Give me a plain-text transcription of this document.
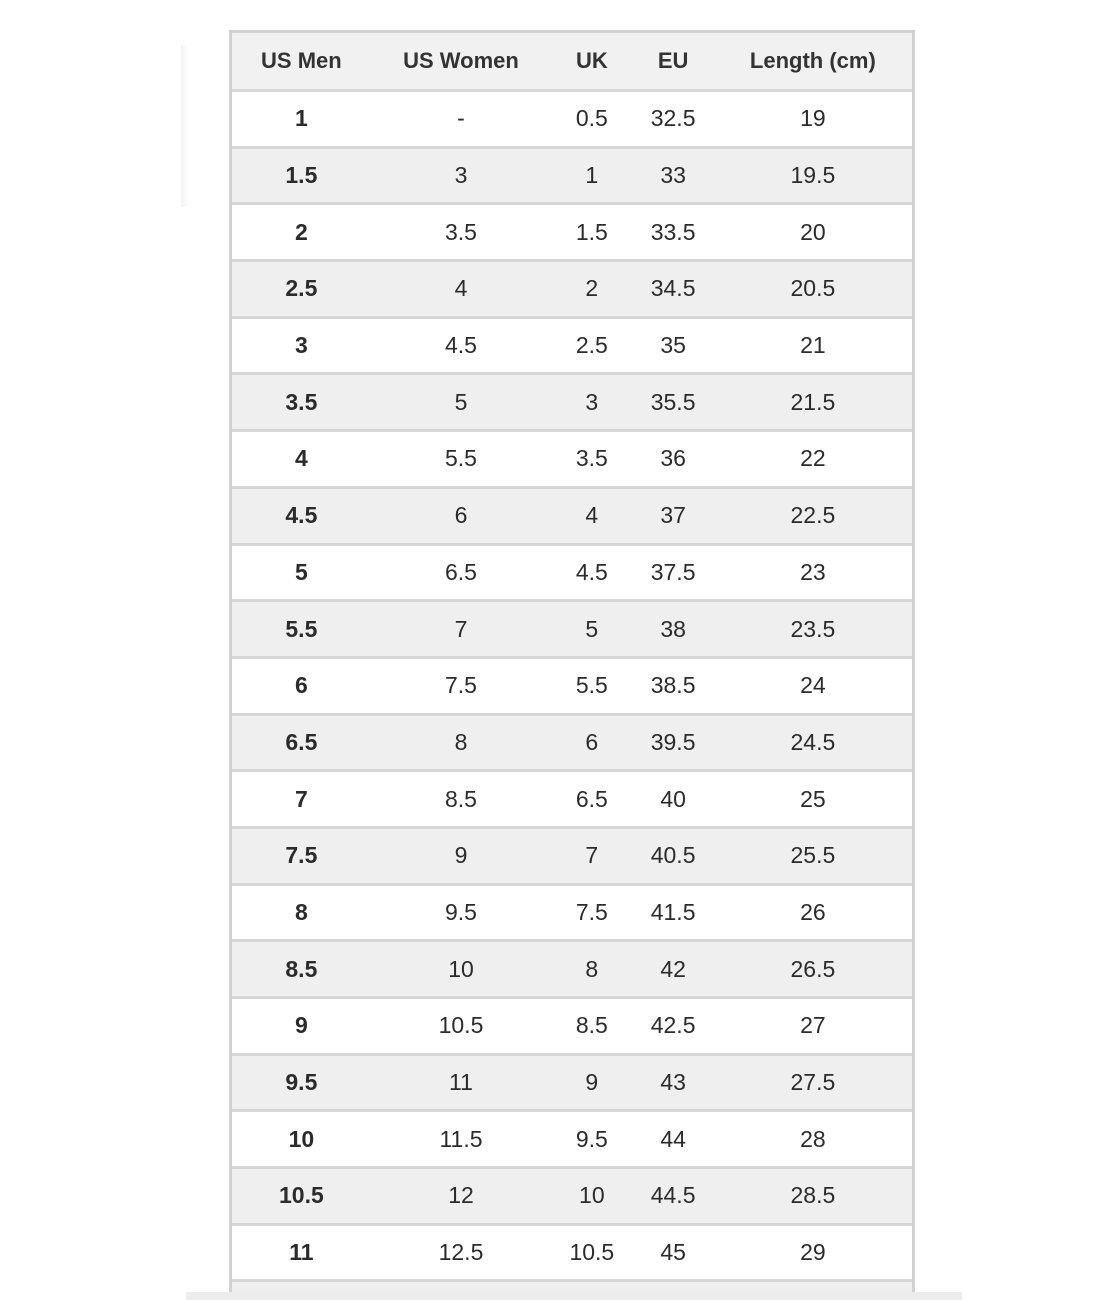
US Men	US Women	UK	EU	Length (cm)
1	-	0.5	32.5	19
1.5	3	1	33	19.5
2	3.5	1.5	33.5	20
2.5	4	2	34.5	20.5
3	4.5	2.5	35	21
3.5	5	3	35.5	21.5
4	5.5	3.5	36	22
4.5	6	4	37	22.5
5	6.5	4.5	37.5	23
5.5	7	5	38	23.5
6	7.5	5.5	38.5	24
6.5	8	6	39.5	24.5
7	8.5	6.5	40	25
7.5	9	7	40.5	25.5
8	9.5	7.5	41.5	26
8.5	10	8	42	26.5
9	10.5	8.5	42.5	27
9.5	11	9	43	27.5
10	11.5	9.5	44	28
10.5	12	10	44.5	28.5
11	12.5	10.5	45	29
